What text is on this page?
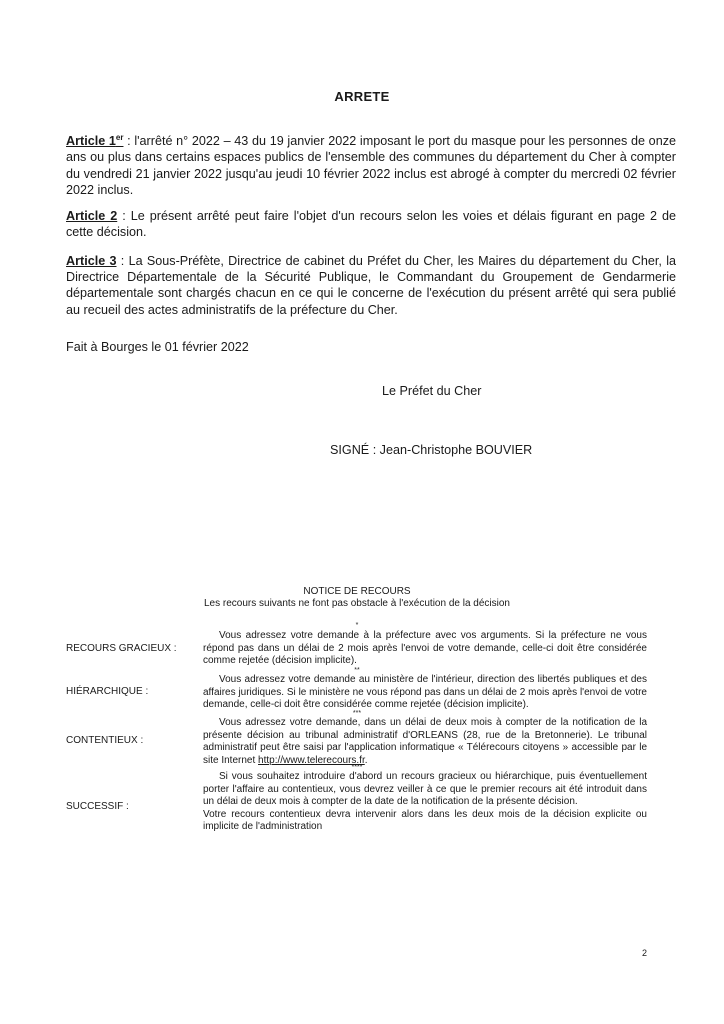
ARRETE
Article 1er : l'arrêté n° 2022 – 43 du 19 janvier 2022 imposant le port du masque pour les personnes de onze ans ou plus dans certains espaces publics de l'ensemble des communes du département du Cher à compter du vendredi 21 janvier 2022 jusqu'au jeudi 10 février 2022 inclus est abrogé à compter du mercredi 02 février 2022 inclus.
Article 2 : Le présent arrêté peut faire l'objet d'un recours selon les voies et délais figurant en page 2 de cette décision.
Article 3 : La Sous-Préfète, Directrice de cabinet du Préfet du Cher, les Maires du département du Cher, la Directrice Départementale de la Sécurité Publique, le Commandant du Groupement de Gendarmerie départementale sont chargés chacun en ce qui le concerne de l'exécution du présent arrêté qui sera publié au recueil des actes administratifs de la préfecture du Cher.
Fait à Bourges le 01 février 2022
Le Préfet du Cher
SIGNÉ : Jean-Christophe BOUVIER
NOTICE DE RECOURS
Les recours suivants ne font pas obstacle à l'exécution de la décision
*
RECOURS GRACIEUX :
Vous adressez votre demande à la préfecture avec vos arguments. Si la préfecture ne vous répond pas dans un délai de 2 mois après l'envoi de votre demande, celle-ci doit être considérée comme rejetée (décision implicite).
**
HIÉRARCHIQUE :
Vous adressez votre demande au ministère de l'intérieur, direction des libertés publiques et des affaires juridiques. Si le ministère ne vous répond pas dans un délai de 2 mois après l'envoi de votre demande, celle-ci doit être considérée comme rejetée (décision implicite).
***
CONTENTIEUX :
Vous adressez votre demande, dans un délai de deux mois à compter de la notification de la présente décision au tribunal administratif d'ORLEANS (28, rue de la Bretonnerie). Le tribunal administratif peut être saisi par l'application informatique « Télérecours citoyens » accessible par le site Internet http://www.telerecours.fr.
****
SUCCESSIF :
Si vous souhaitez introduire d'abord un recours gracieux ou hiérarchique, puis éventuellement porter l'affaire au contentieux, vous devrez veiller à ce que le premier recours ait été introduit dans un délai de deux mois à compter de la date de la notification de la présente décision.
Votre recours contentieux devra intervenir alors dans les deux mois de la décision explicite ou implicite de l'administration
2
